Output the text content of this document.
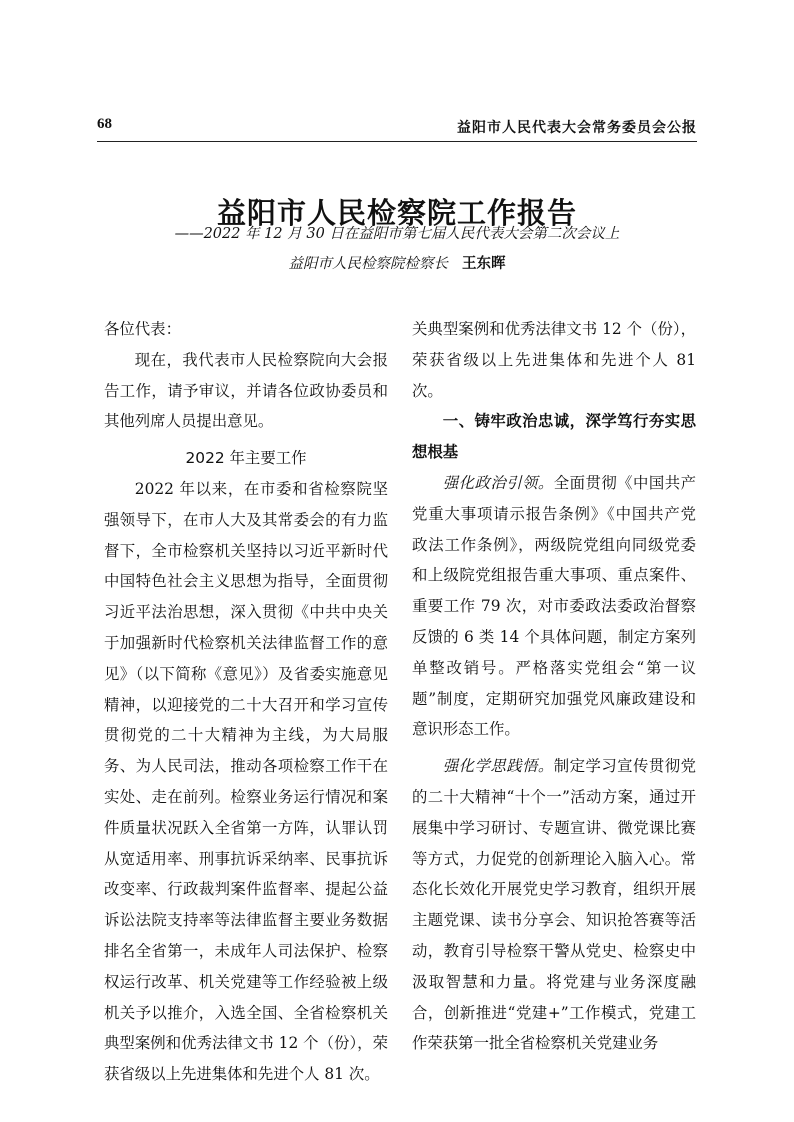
68	益阳市人民代表大会常务委员会公报
益阳市人民检察院工作报告
——2022 年 12 月 30 日在益阳市第七届人民代表大会第二次会议上
益阳市人民检察院检察长 王东晖

各位代表：

现在，我代表市人民检察院向大会报告工作，请予审议，并请各位政协委员和其他列席人员提出意见。

2022 年主要工作

2022 年以来，在市委和省检察院坚强领导下，在市人大及其常委会的有力监督下，全市检察机关坚持以习近平新时代中国特色社会主义思想为指导，全面贯彻习近平法治思想，深入贯彻《中共中央关于加强新时代检察机关法律监督工作的意见》（以下简称《意见》）及省委实施意见精神，以迎接党的二十大召开和学习宣传贯彻党的二十大精神为主线，为大局服务、为人民司法，推动各项检察工作干在实处、走在前列。检察业务运行情况和案件质量状况跃入全省第一方阵，认罪认罚从宽适用率、刑事抗诉采纳率、民事抗诉改变率、行政裁判案件监督率、提起公益诉讼法院支持率等法律监督主要业务数据排名全省第一，未成年人司法保护、检察权运行改革、机关党建等工作经验被上级机关予以推介，入选全国、全省检察机关典型案例和优秀法律文书 12 个（份），荣获省级以上先进集体和先进个人 81 次。

关典型案例和优秀法律文书 12 个（份），荣获省级以上先进集体和先进个人 81 次。

一、铸牢政治忠诚，深学笃行夯实思想根基

强化政治引领。全面贯彻《中国共产党重大事项请示报告条例》《中国共产党政法工作条例》，两级院党组向同级党委和上级院党组报告重大事项、重点案件、重要工作 79 次，对市委政法委政治督察反馈的 6 类 14 个具体问题，制定方案列单整改销号。严格落实党组会“第一议题”制度，定期研究加强党风廉政建设和意识形态工作。

强化学思践悟。制定学习宣传贯彻党的二十大精神“十个一”活动方案，通过开展集中学习研讨、专题宣讲、微党课比赛等方式，力促党的创新理论入脑入心。常态化长效化开展党史学习教育，组织开展主题党课、读书分享会、知识抢答赛等活动，教育引导检察干警从党史、检察史中汲取智慧和力量。将党建与业务深度融合，创新推进“党建+”工作模式，党建工作荣获第一批全省检察机关党建业务
